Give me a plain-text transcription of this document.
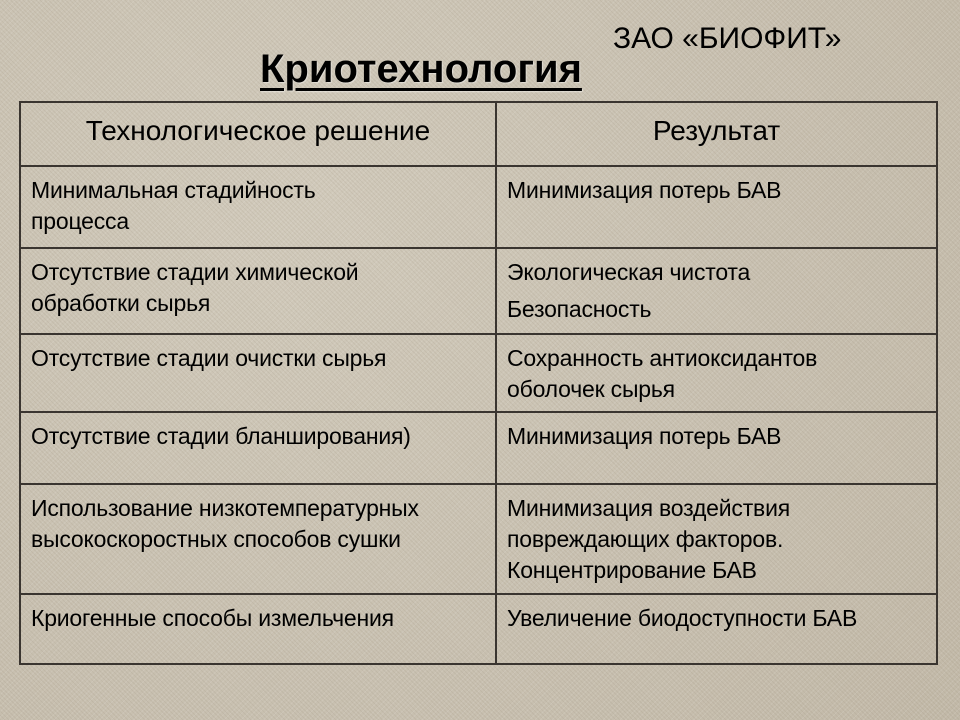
ЗАО «БИОФИТ»
Криотехнология
Технологическое решение	Результат

Минимальная стадийность
процесса	Минимизация потерь БАВ

Отсутствие стадии химической
обработки сырья	Экологическая чистота
Безопасность

Отсутствие стадии очистки сырья	Сохранность антиоксидантов
оболочек сырья

Отсутствие стадии бланширования)	Минимизация потерь БАВ

Использование низкотемпературных
высокоскоростных способов сушки	Минимизация воздействия
повреждающих факторов.
Концентрирование БАВ

Криогенные способы измельчения	Увеличение биодоступности БАВ
